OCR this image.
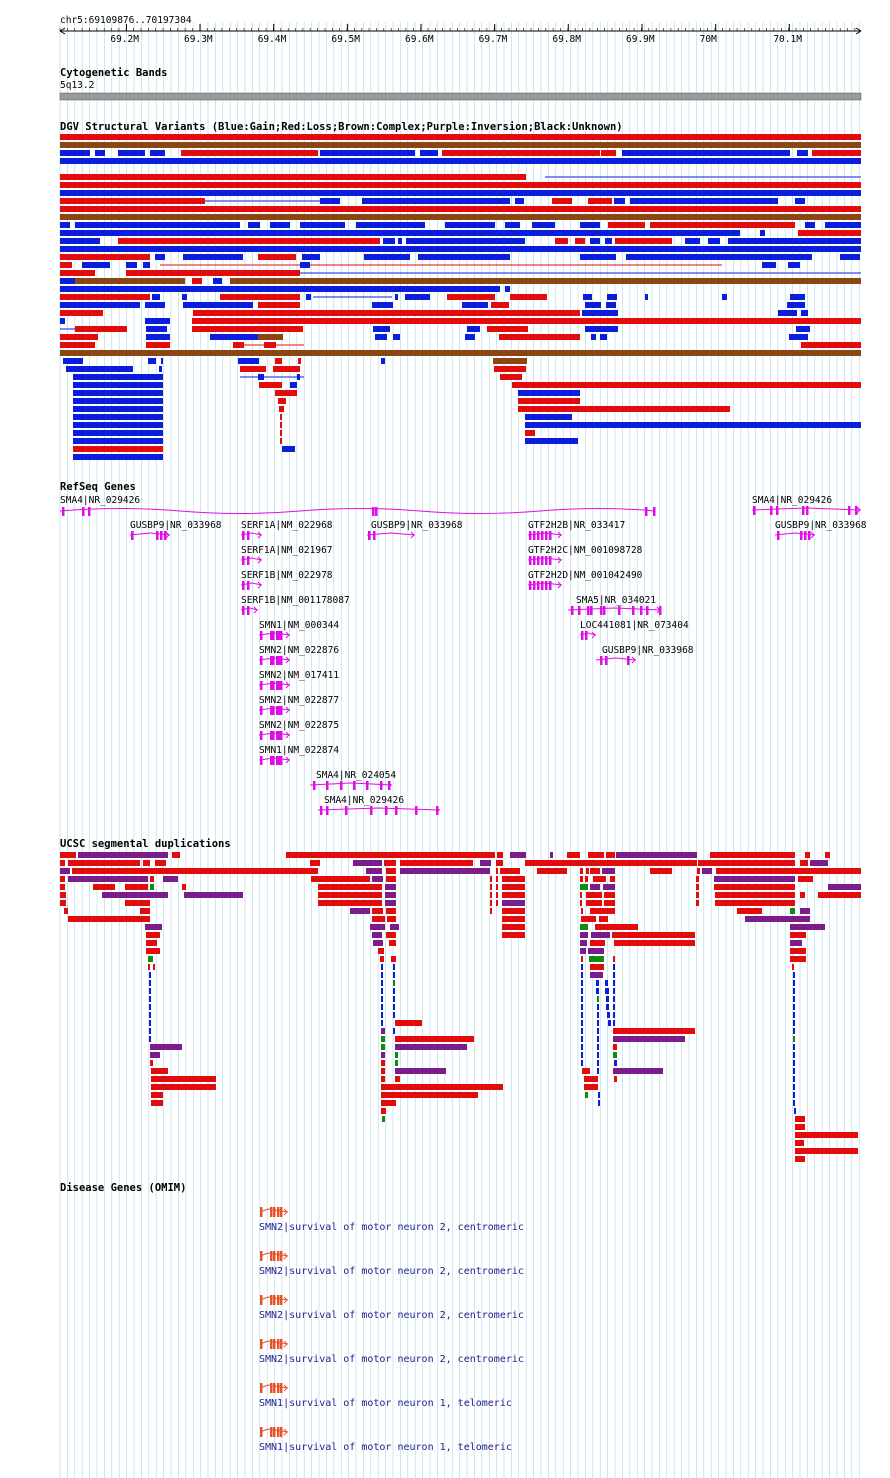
chr5:69109876..70197304
69.2M	69.3M	69.4M	69.5M	69.6M	69.7M	69.8M	69.9M	70M	70.1M
Cytogenetic Bands
5q13.2
DGV Structural Variants (Blue:Gain;Red:Loss;Brown:Complex;Purple:Inversion;Black:Unknown)
RefSeq Genes
UCSC segmental duplications
Disease Genes (OMIM)
SMA4|NR_029426
GUSBP9|NR_033968 SERF1A|NM_022968	GUSBP9|NR_033968	GTF2H2B|NR_033417
SMA4|NR_029426
GUSBP9|NR_033968
SERF1A|NM_021967	GTF2H2C|NM_001098728
SERF1B|NM_022978	GTF2H2D|NM_001042490
SERF1B|NM_001178087	SMA5|NR_034021
SMN1|NM_000344	LOC441081|NR_073404
SMN2|NM_022876	GUSBP9|NR_033968
SMN2|NM_017411
SMN2|NM_022877
SMN2|NM_022875
SMN1|NM_022874
SMA4|NR_024054
SMA4|NR_029426
SMN2|survival of motor neuron 2, centromeric
SMN2|survival of motor neuron 2, centromeric
SMN2|survival of motor neuron 2, centromeric
SMN2|survival of motor neuron 2, centromeric
SMN1|survival of motor neuron 1, telomeric
SMN1|survival of motor neuron 1, telomeric
